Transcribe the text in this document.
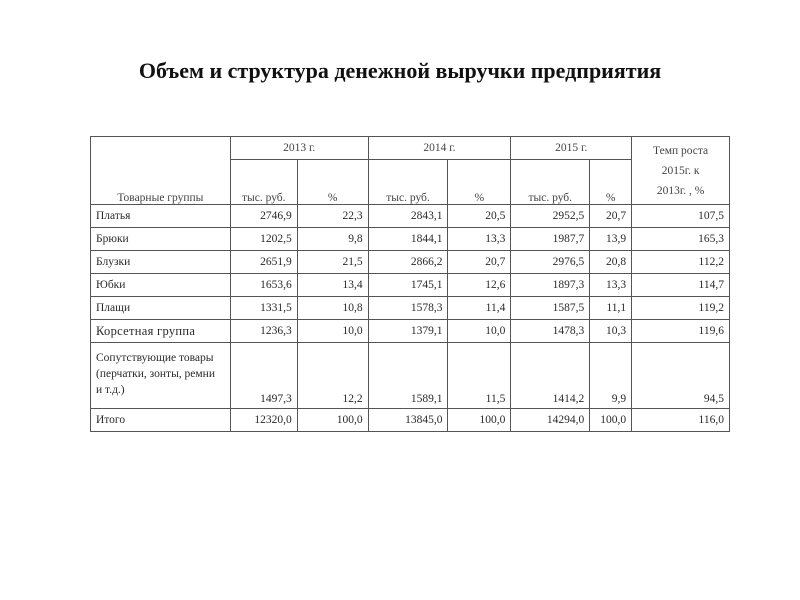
Объем и структура денежной выручки предприятия
Товарные группы	2013 г.		2014 г.		2015 г.		Темп роста
2015г. к
2013г. , %

	тыс. руб.	%	тыс. руб.	%	тыс. руб.	%	
Платья	2746,9	22,3	2843,1	20,5	2952,5	20,7	107,5
Брюки	1202,5	9,8	1844,1	13,3	1987,7	13,9	165,3
Блузки	2651,9	21,5	2866,2	20,7	2976,5	20,8	112,2
Юбки	1653,6	13,4	1745,1	12,6	1897,3	13,3	114,7
Плащи	1331,5	10,8	1578,3	11,4	1587,5	11,1	119,2
Корсетная группа	1236,3	10,0	1379,1	10,0	1478,3	10,3	119,6

Сопутствующие товары
(перчатки, зонты, ремни
и т.д.)	1497,3	12,2	1589,1	11,5	1414,2	9,9	94,5
Итого	12320,0	100,0	13845,0	100,0	14294,0	100,0	116,0
